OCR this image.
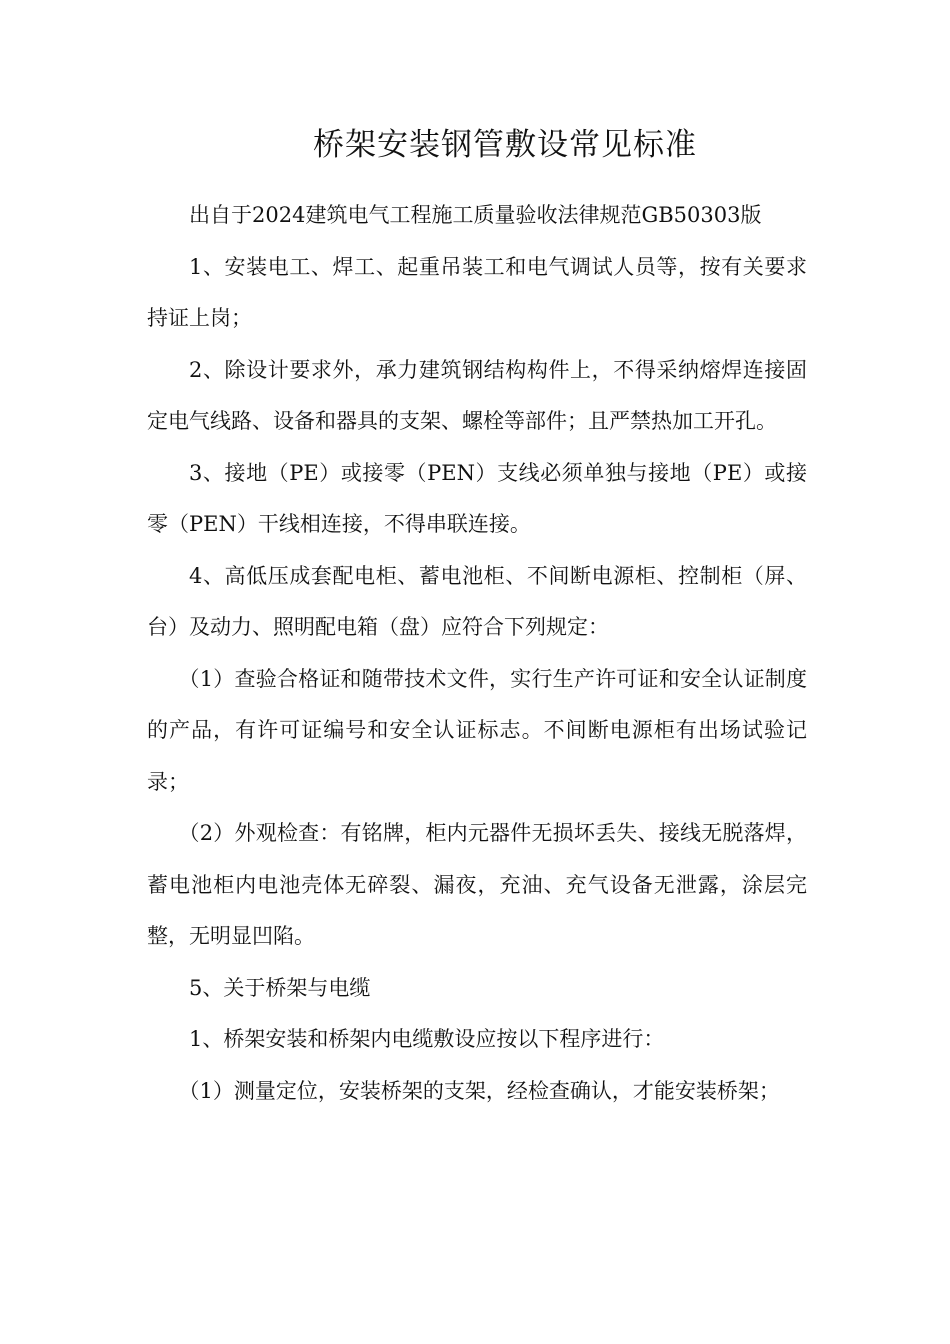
桥架安装钢管敷设常见标准

出自于2024建筑电气工程施工质量验收法律规范GB50303版

1、安装电工、焊工、起重吊装工和电气调试人员等，按有关要求持证上岗；

2、除设计要求外，承力建筑钢结构构件上，不得采纳熔焊连接固定电气线路、设备和器具的支架、螺栓等部件；且严禁热加工开孔。

3、接地（PE）或接零（PEN）支线必须单独与接地（PE）或接零（PEN）干线相连接，不得串联连接。

4、高低压成套配电柜、蓄电池柜、不间断电源柜、控制柜（屏、台）及动力、照明配电箱（盘）应符合下列规定：

（1）查验合格证和随带技术文件，实行生产许可证和安全认证制度的产品，有许可证编号和安全认证标志。不间断电源柜有出场试验记录；

（2）外观检查：有铭牌，柜内元器件无损坏丢失、接线无脱落焊，蓄电池柜内电池壳体无碎裂、漏夜，充油、充气设备无泄露，涂层完整，无明显凹陷。

5、关于桥架与电缆

1、桥架安装和桥架内电缆敷设应按以下程序进行：

（1）测量定位，安装桥架的支架，经检查确认，才能安装桥架；
